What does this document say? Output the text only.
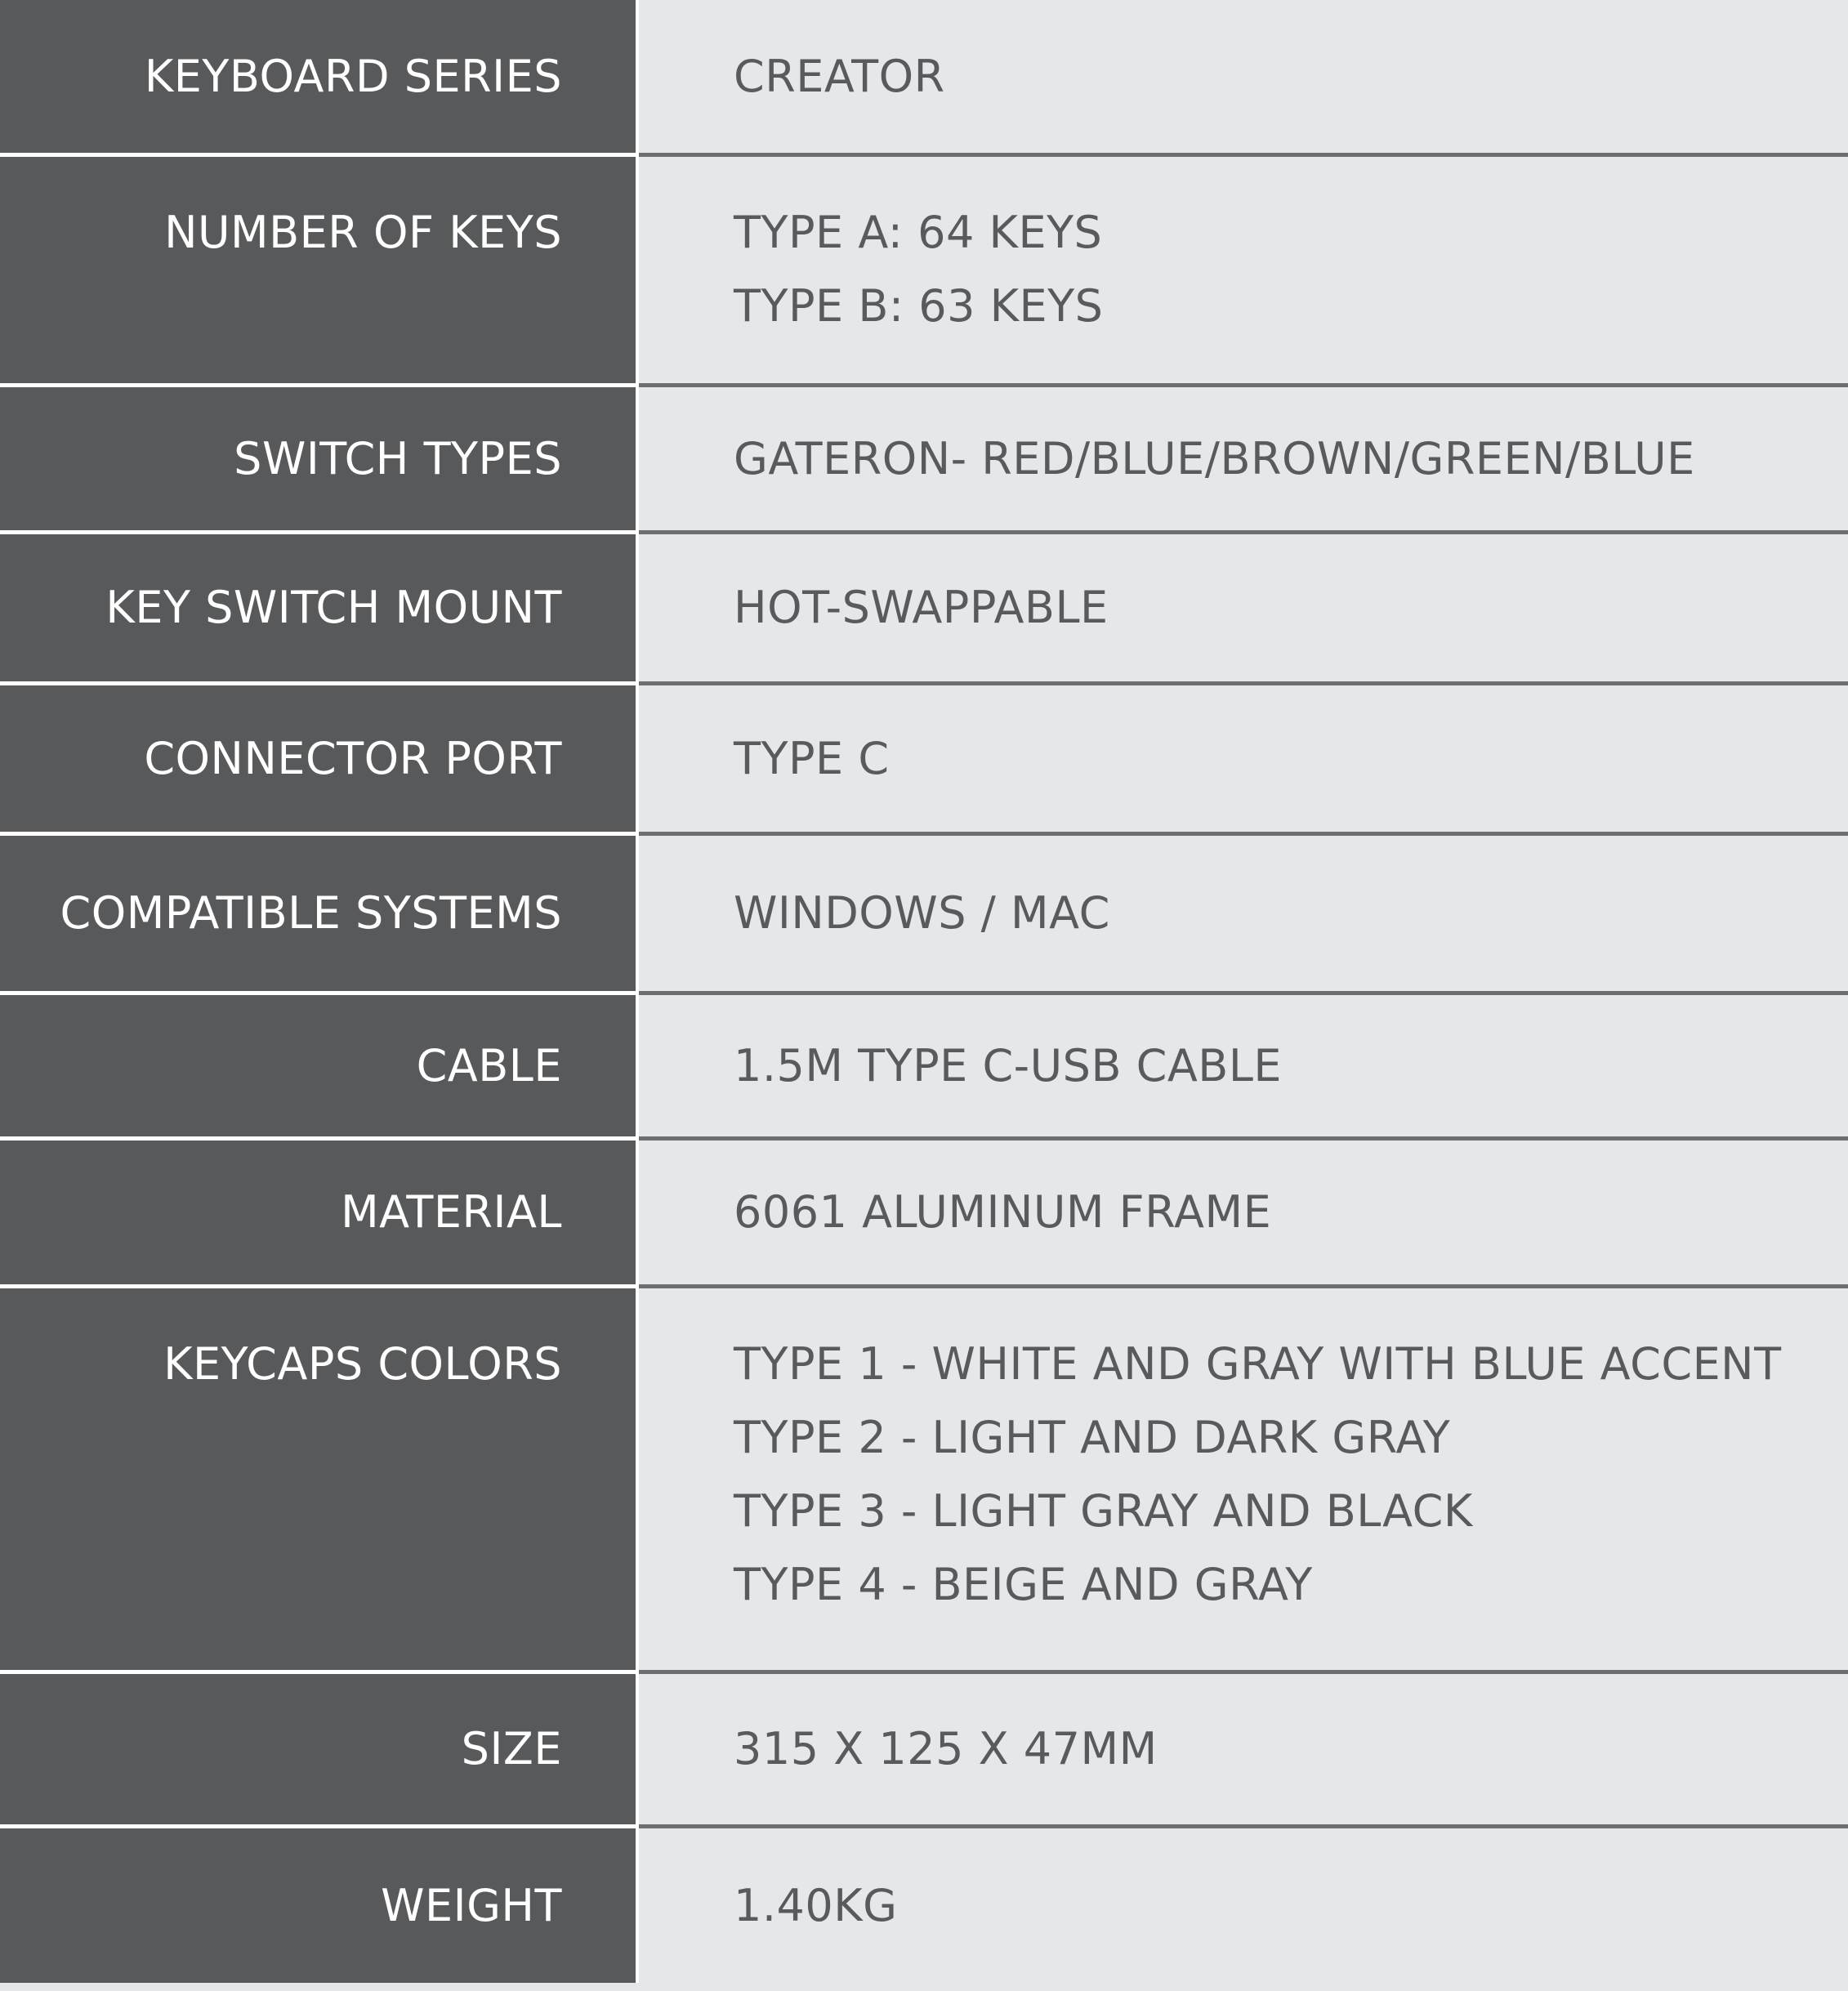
KEYBOARD SERIES	CREATOR
NUMBER OF KEYS	TYPE A: 64 KEYS
TYPE B: 63 KEYS
SWITCH TYPES	GATERON- RED/BLUE/BROWN/GREEN/BLUE
KEY SWITCH MOUNT	HOT-SWAPPABLE
CONNECTOR PORT	TYPE C
COMPATIBLE SYSTEMS	WINDOWS / MAC
CABLE	1.5M TYPE C-USB CABLE
MATERIAL	6061 ALUMINUM FRAME
KEYCAPS COLORS	TYPE 1 - WHITE AND GRAY WITH BLUE ACCENT
TYPE 2 - LIGHT AND DARK GRAY
TYPE 3 - LIGHT GRAY AND BLACK
TYPE 4 - BEIGE AND GRAY
SIZE	315 X 125 X 47MM
WEIGHT	1.40KG
